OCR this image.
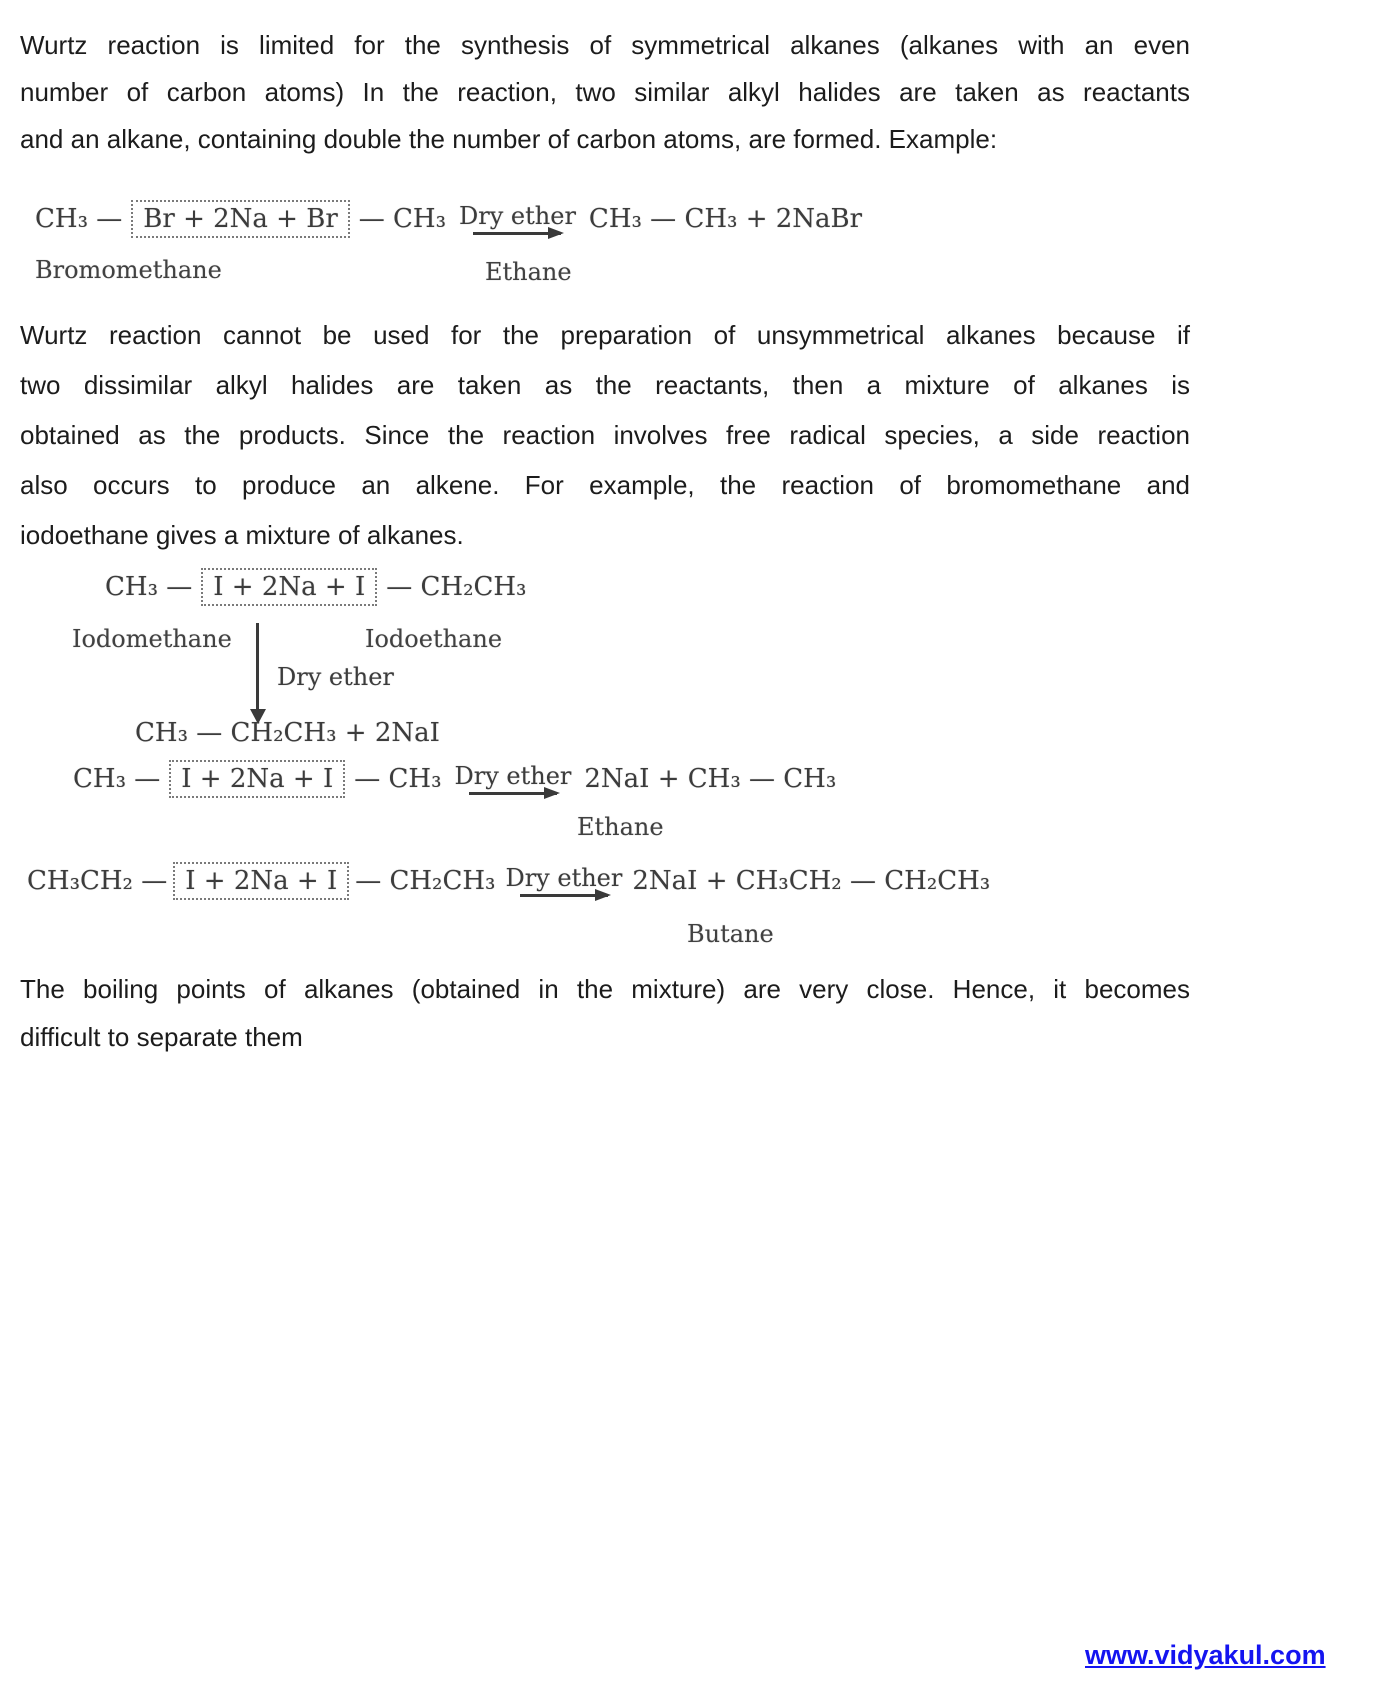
Wurtz reaction is limited for the synthesis of symmetrical alkanes (alkanes with an even
number of carbon atoms) In the reaction, two similar alkyl halides are taken as reactants
and an alkane, containing double the number of carbon atoms, are formed. Example:
CH₃ — Br + 2Na + Br — CH₃ Dry ether CH₃ — CH₃ + 2NaBr
Bromomethane	Ethane
Wurtz reaction cannot be used for the preparation of unsymmetrical alkanes because if
two dissimilar alkyl halides are taken as the reactants, then a mixture of alkanes is
obtained as the products. Since the reaction involves free radical species, a side reaction
also occurs to produce an alkene. For example, the reaction of bromomethane and
iodoethane gives a mixture of alkanes.
CH₃ — I + 2Na + I — CH₂CH₃
Iodomethane	Iodoethane
Dry ether
CH₃ — CH₂CH₃ + 2NaI
CH₃ — I + 2Na + I — CH₃ Dry ether 2NaI + CH₃ — CH₃
Ethane
CH₃CH₂ — I + 2Na + I — CH₂CH₃ Dry ether 2NaI + CH₃CH₂ — CH₂CH₃
Butane
The boiling points of alkanes (obtained in the mixture) are very close. Hence, it becomes
difficult to separate them
www.vidyakul.com
